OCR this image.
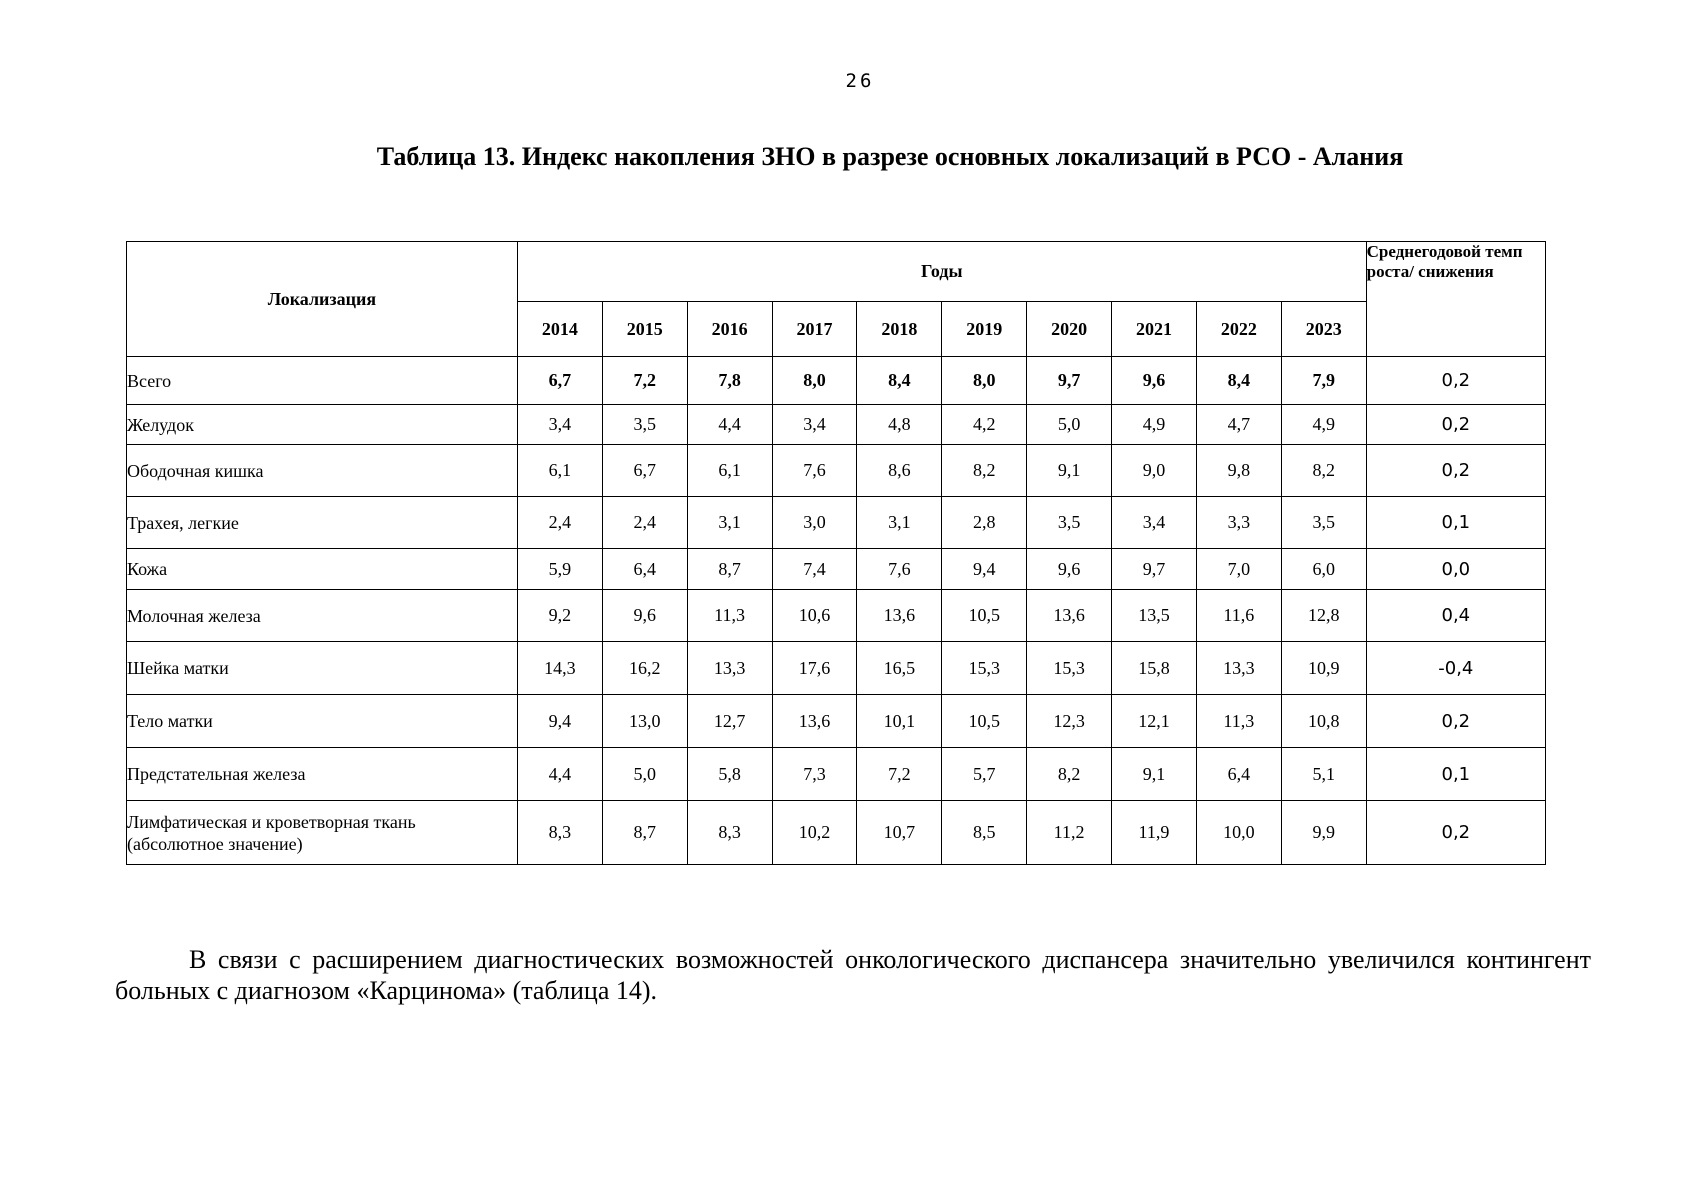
26
Таблица 13. Индекс накопления ЗНО в разрезе основных локализаций в РСО - Алания
Локализация	Годы										Среднегодовой темп роста/ снижения
	2014	2015	2016	2017	2018	2019	2020	2021	2022	2023	
Всего	6,7	7,2	7,8	8,0	8,4	8,0	9,7	9,6	8,4	7,9	0,2
Желудок	3,4	3,5	4,4	3,4	4,8	4,2	5,0	4,9	4,7	4,9	0,2
Ободочная кишка	6,1	6,7	6,1	7,6	8,6	8,2	9,1	9,0	9,8	8,2	0,2
Трахея, легкие	2,4	2,4	3,1	3,0	3,1	2,8	3,5	3,4	3,3	3,5	0,1
Кожа	5,9	6,4	8,7	7,4	7,6	9,4	9,6	9,7	7,0	6,0	0,0
Молочная железа	9,2	9,6	11,3	10,6	13,6	10,5	13,6	13,5	11,6	12,8	0,4
Шейка матки	14,3	16,2	13,3	17,6	16,5	15,3	15,3	15,8	13,3	10,9	-0,4
Тело матки	9,4	13,0	12,7	13,6	10,1	10,5	12,3	12,1	11,3	10,8	0,2
Предстательная железа	4,4	5,0	5,8	7,3	7,2	5,7	8,2	9,1	6,4	5,1	0,1
Лимфатическая и кроветворная ткань (абсолютное значение)	8,3	8,7	8,3	10,2	10,7	8,5	11,2	11,9	10,0	9,9	0,2
В связи с расширением диагностических возможностей онкологического диспансера значительно увеличился контингент больных с диагнозом «Карцинома» (таблица 14).
